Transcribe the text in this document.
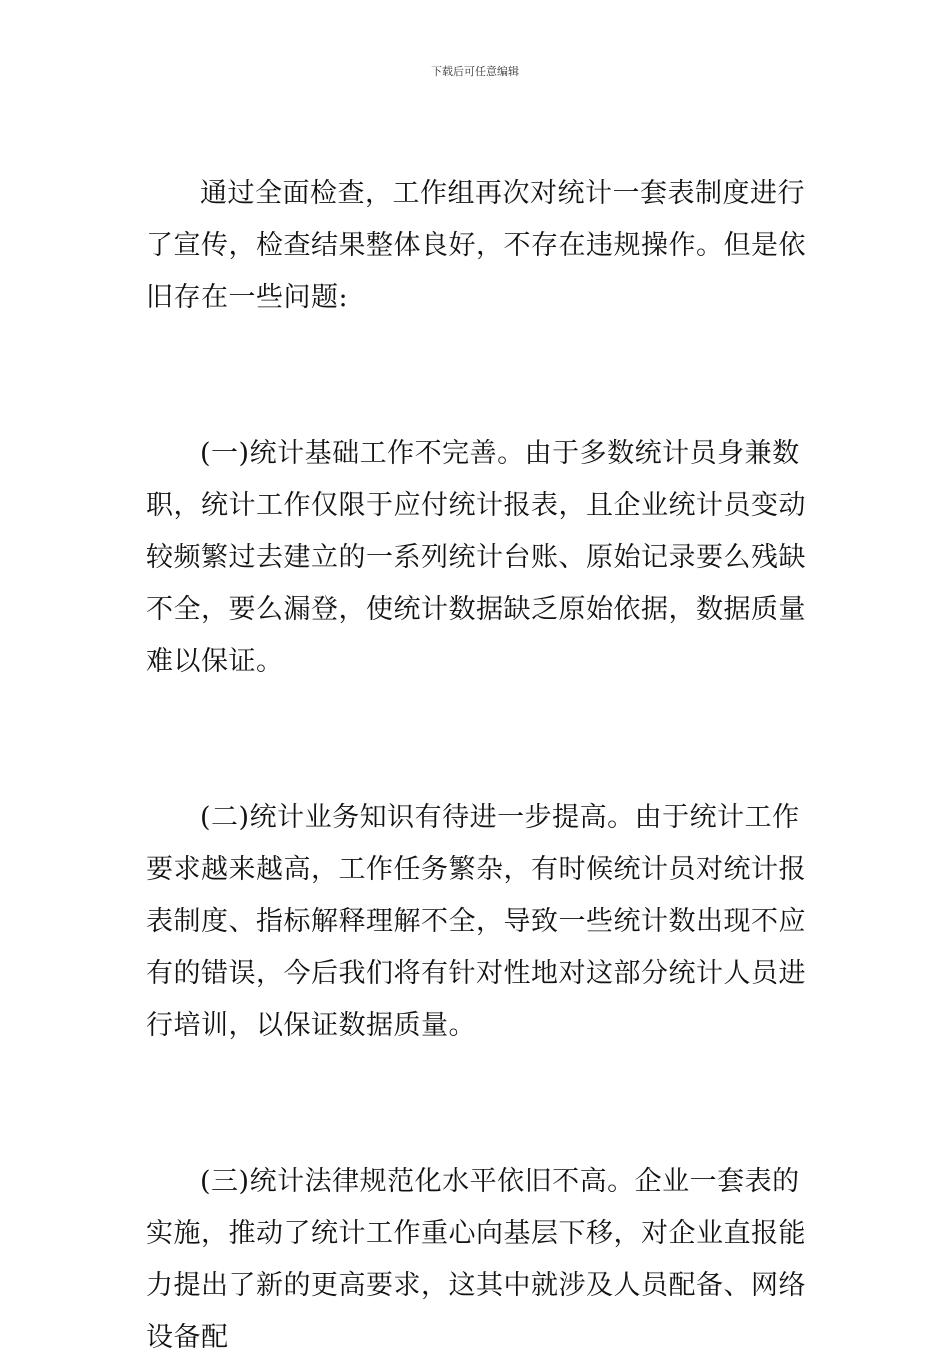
下载后可任意编辑

通过全面检查，工作组再次对统计一套表制度进行了宣传，检查结果整体良好，不存在违规操作。但是依旧存在一些问题:

(一)统计基础工作不完善。由于多数统计员身兼数职，统计工作仅限于应付统计报表，且企业统计员变动较频繁过去建立的一系列统计台账、原始记录要么残缺不全，要么漏登，使统计数据缺乏原始依据，数据质量难以保证。

(二)统计业务知识有待进一步提高。由于统计工作要求越来越高，工作任务繁杂，有时候统计员对统计报表制度、指标解释理解不全，导致一些统计数出现不应有的错误，今后我们将有针对性地对这部分统计人员进行培训，以保证数据质量。

(三)统计法律规范化水平依旧不高。企业一套表的实施，推动了统计工作重心向基层下移，对企业直报能力提出了新的更高要求，这其中就涉及人员配备、网络设备配
